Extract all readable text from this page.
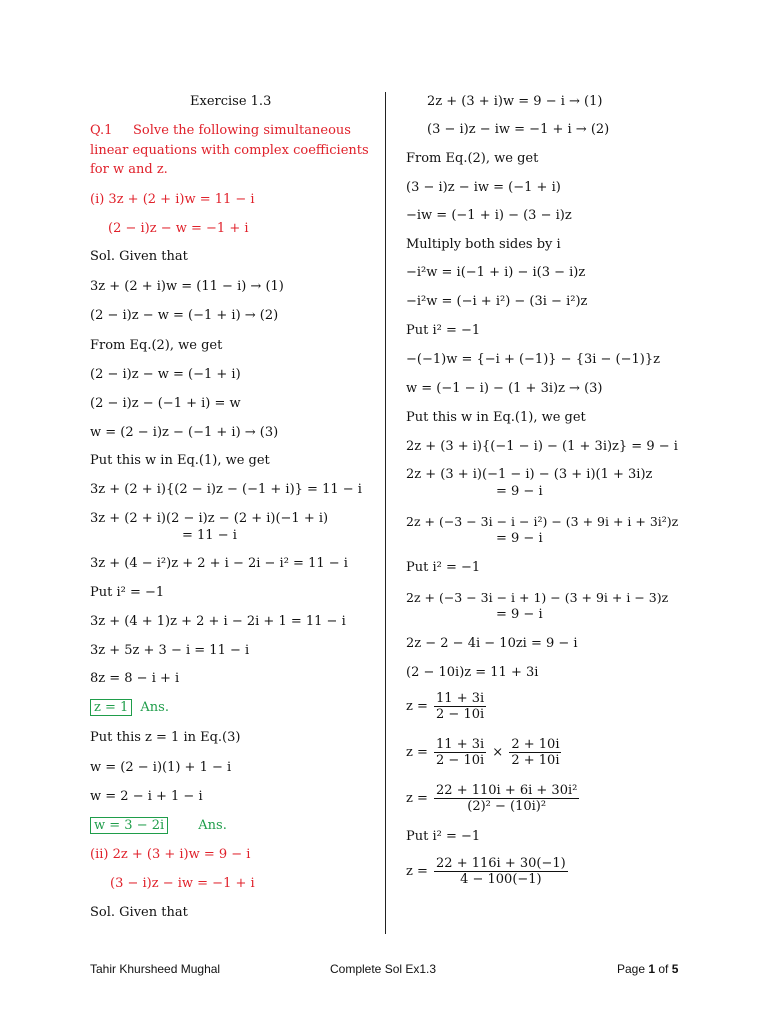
Exercise 1.3
Q.1 Solve the following simultaneous
linear equations with complex coefficients
for w and z.
(i) 3z + (2 + i)w = 11 − i
(2 − i)z − w = −1 + i
Sol. Given that
3z + (2 + i)w = (11 − i) → (1)
(2 − i)z − w = (−1 + i) → (2)
From Eq.(2), we get
(2 − i)z − w = (−1 + i)
(2 − i)z − (−1 + i) = w
w = (2 − i)z − (−1 + i) → (3)
Put this w in Eq.(1), we get
3z + (2 + i){(2 − i)z − (−1 + i)} = 11 − i
3z + (2 + i)(2 − i)z − (2 + i)(−1 + i)
= 11 − i
3z + (4 − i²)z + 2 + i − 2i − i² = 11 − i
Put i² = −1
3z + (4 + 1)z + 2 + i − 2i + 1 = 11 − i
3z + 5z + 3 − i = 11 − i
8z = 8 − i + i
z = 1 Ans.
Put this z = 1 in Eq.(3)
w = (2 − i)(1) + 1 − i
w = 2 − i + 1 − i
w = 3 − 2i	Ans.
(ii) 2z + (3 + i)w = 9 − i
(3 − i)z − iw = −1 + i
Sol. Given that
2z + (3 + i)w = 9 − i → (1)
(3 − i)z − iw = −1 + i → (2)
From Eq.(2), we get
(3 − i)z − iw = (−1 + i)
−iw = (−1 + i) − (3 − i)z
Multiply both sides by i
−i²w = i(−1 + i) − i(3 − i)z
−i²w = (−i + i²) − (3i − i²)z
Put i² = −1
−(−1)w = {−i + (−1)} − {3i − (−1)}z
w = (−1 − i) − (1 + 3i)z → (3)
Put this w in Eq.(1), we get
2z + (3 + i){(−1 − i) − (1 + 3i)z} = 9 − i
2z + (3 + i)(−1 − i) − (3 + i)(1 + 3i)z
= 9 − i
2z + (−3 − 3i − i − i²) − (3 + 9i + i + 3i²)z
= 9 − i
Put i² = −1
2z + (−3 − 3i − i + 1) − (3 + 9i + i − 3)z
= 9 − i
2z − 2 − 4i − 10zi = 9 − i
(2 − 10i)z = 11 + 3i
$z = \frac{11 + 3i}{2 - 10i}$
$z = \frac{11 + 3i}{2 - 10i} \times \frac{2 + 10i}{2 + 10i}$
$z = \frac{\text{22 + 110i + 6i + 30i²}}{\text{(2)² − (10i)²}}$
Put i² = −1
$z = \frac{22 + 116i + 30(-1)}{4 - 100(-1)}$
Tahir Khursheed Mughal	Complete Sol Ex1.3	Page 1 of 5
